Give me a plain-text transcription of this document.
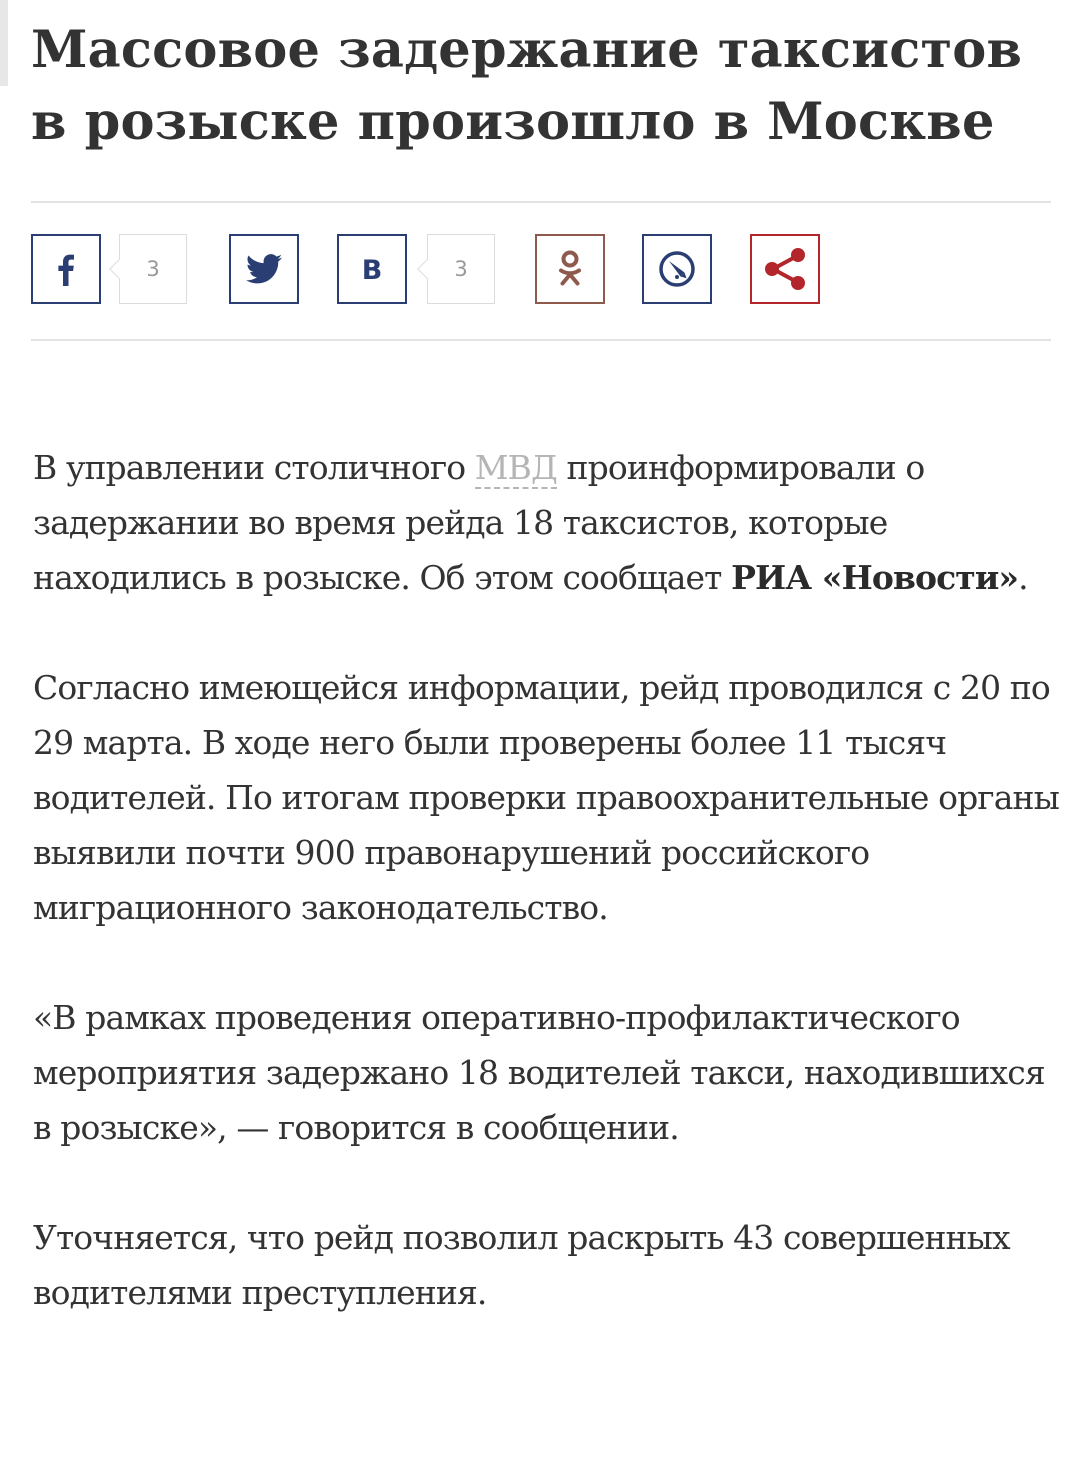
Массовое задержание таксистов в розыске произошло в Москве
3	В	3

В управлении столичного МВД проинформировали о задержании во время рейда 18 таксистов, которые находились в розыске. Об этом сообщает РИА «Новости».

Согласно имеющейся информации, рейд проводился с 20 по 29 марта. В ходе него были проверены более 11 тысяч водителей. По итогам проверки правоохранительные органы выявили почти 900 правонарушений российского миграционного законодательство.

«В рамках проведения оперативно-профилактического мероприятия задержано 18 водителей такси, находившихся в розыске», — говорится в сообщении.

Уточняется, что рейд позволил раскрыть 43 совершенных водителями преступления.
